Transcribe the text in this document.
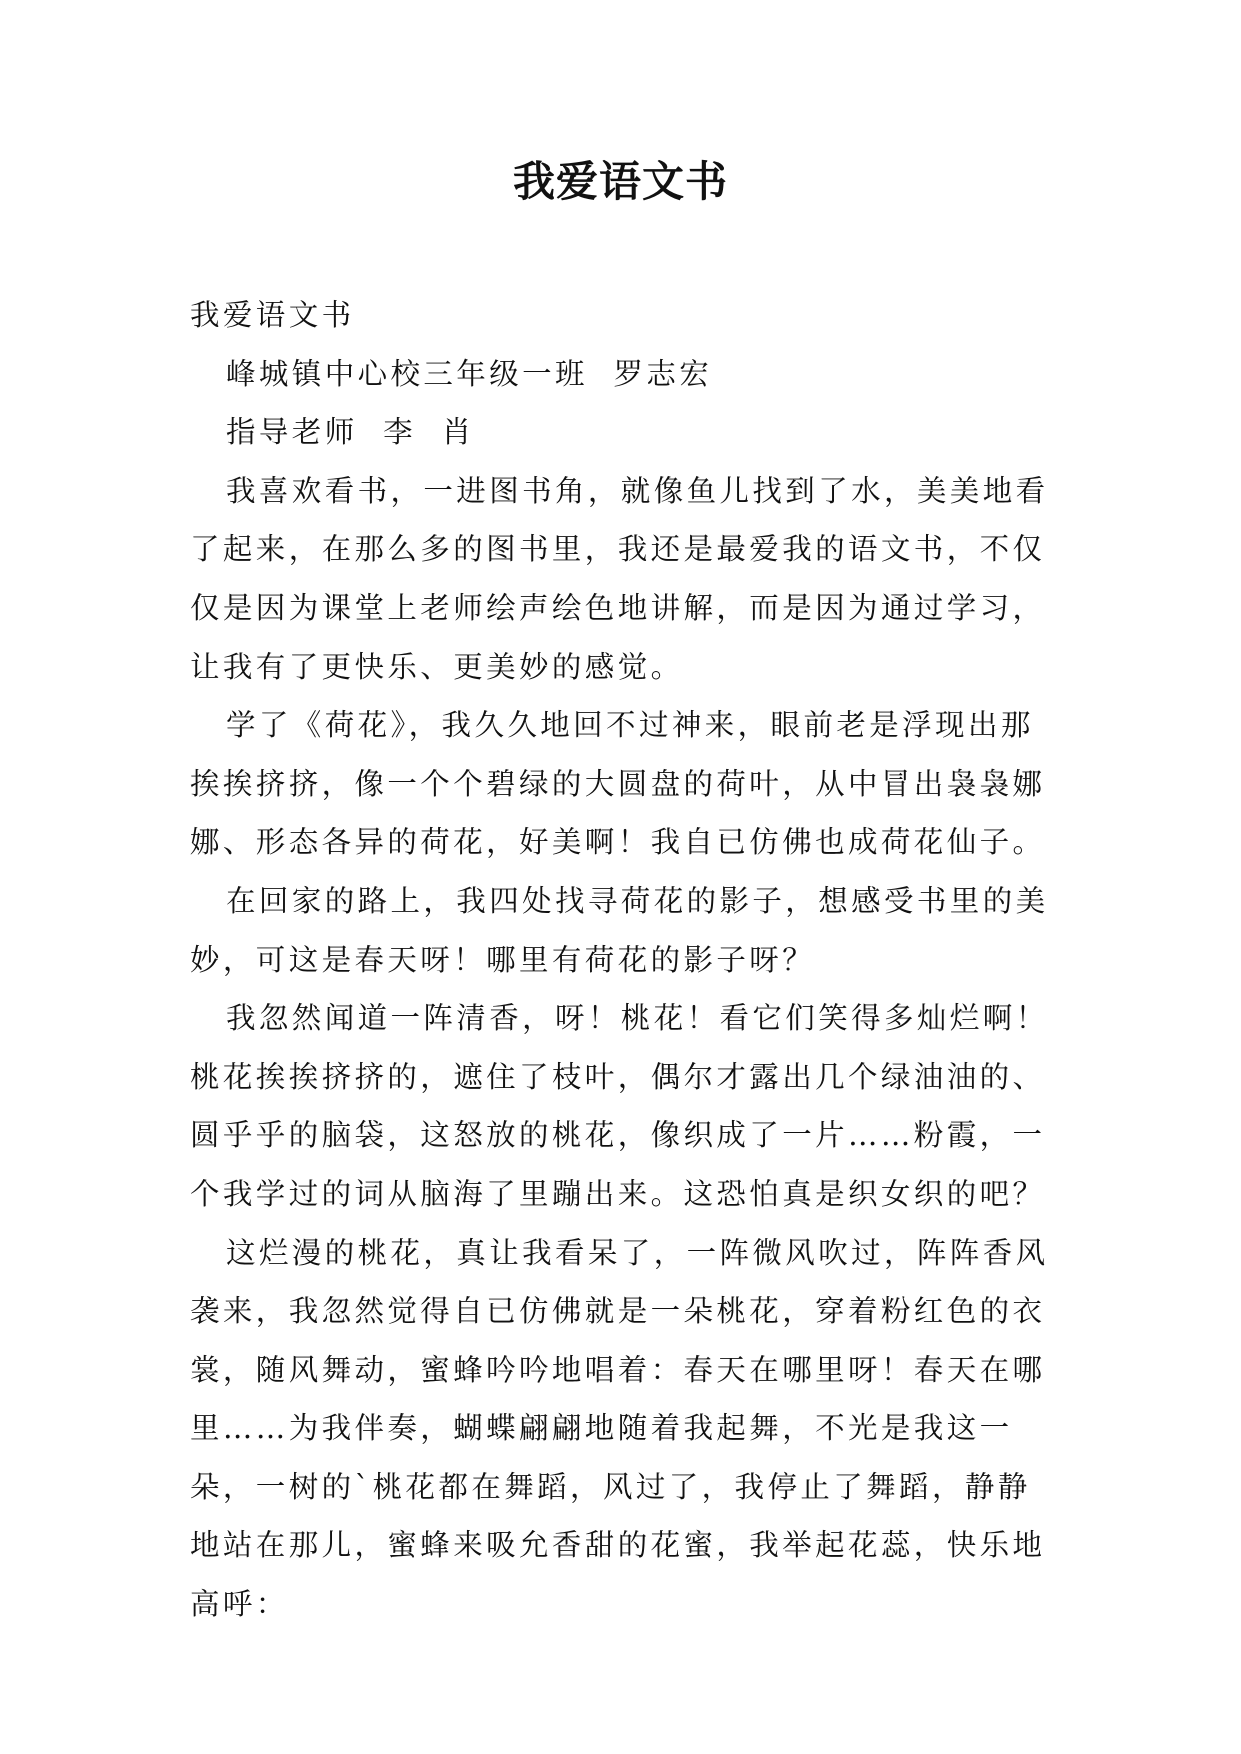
我爱语文书

我爱语文书

峰城镇中心校三年级一班  罗志宏

指导老师  李  肖

我喜欢看书，一进图书角，就像鱼儿找到了水，美美地看了起来，在那么多的图书里，我还是最爱我的语文书，不仅仅是因为课堂上老师绘声绘色地讲解，而是因为通过学习，让我有了更快乐、更美妙的感觉。

学了《荷花》，我久久地回不过神来，眼前老是浮现出那挨挨挤挤，像一个个碧绿的大圆盘的荷叶，从中冒出袅袅娜娜、形态各异的荷花，好美啊！我自已仿佛也成荷花仙子。

在回家的路上，我四处找寻荷花的影子，想感受书里的美妙，可这是春天呀！哪里有荷花的影子呀？

我忽然闻道一阵清香，呀！桃花！看它们笑得多灿烂啊！桃花挨挨挤挤的，遮住了枝叶，偶尔才露出几个绿油油的、圆乎乎的脑袋，这怒放的桃花，像织成了一片……粉霞，一个我学过的词从脑海了里蹦出来。这恐怕真是织女织的吧？

这烂漫的桃花，真让我看呆了，一阵微风吹过，阵阵香风袭来，我忽然觉得自已仿佛就是一朵桃花，穿着粉红色的衣裳，随风舞动，蜜蜂吟吟地唱着：春天在哪里呀！春天在哪里……为我伴奏，蝴蝶翩翩地随着我起舞，不光是我这一朵，一树的`桃花都在舞蹈，风过了，我停止了舞蹈，静静地站在那儿，蜜蜂来吸允香甜的花蜜，我举起花蕊，快乐地高呼：
